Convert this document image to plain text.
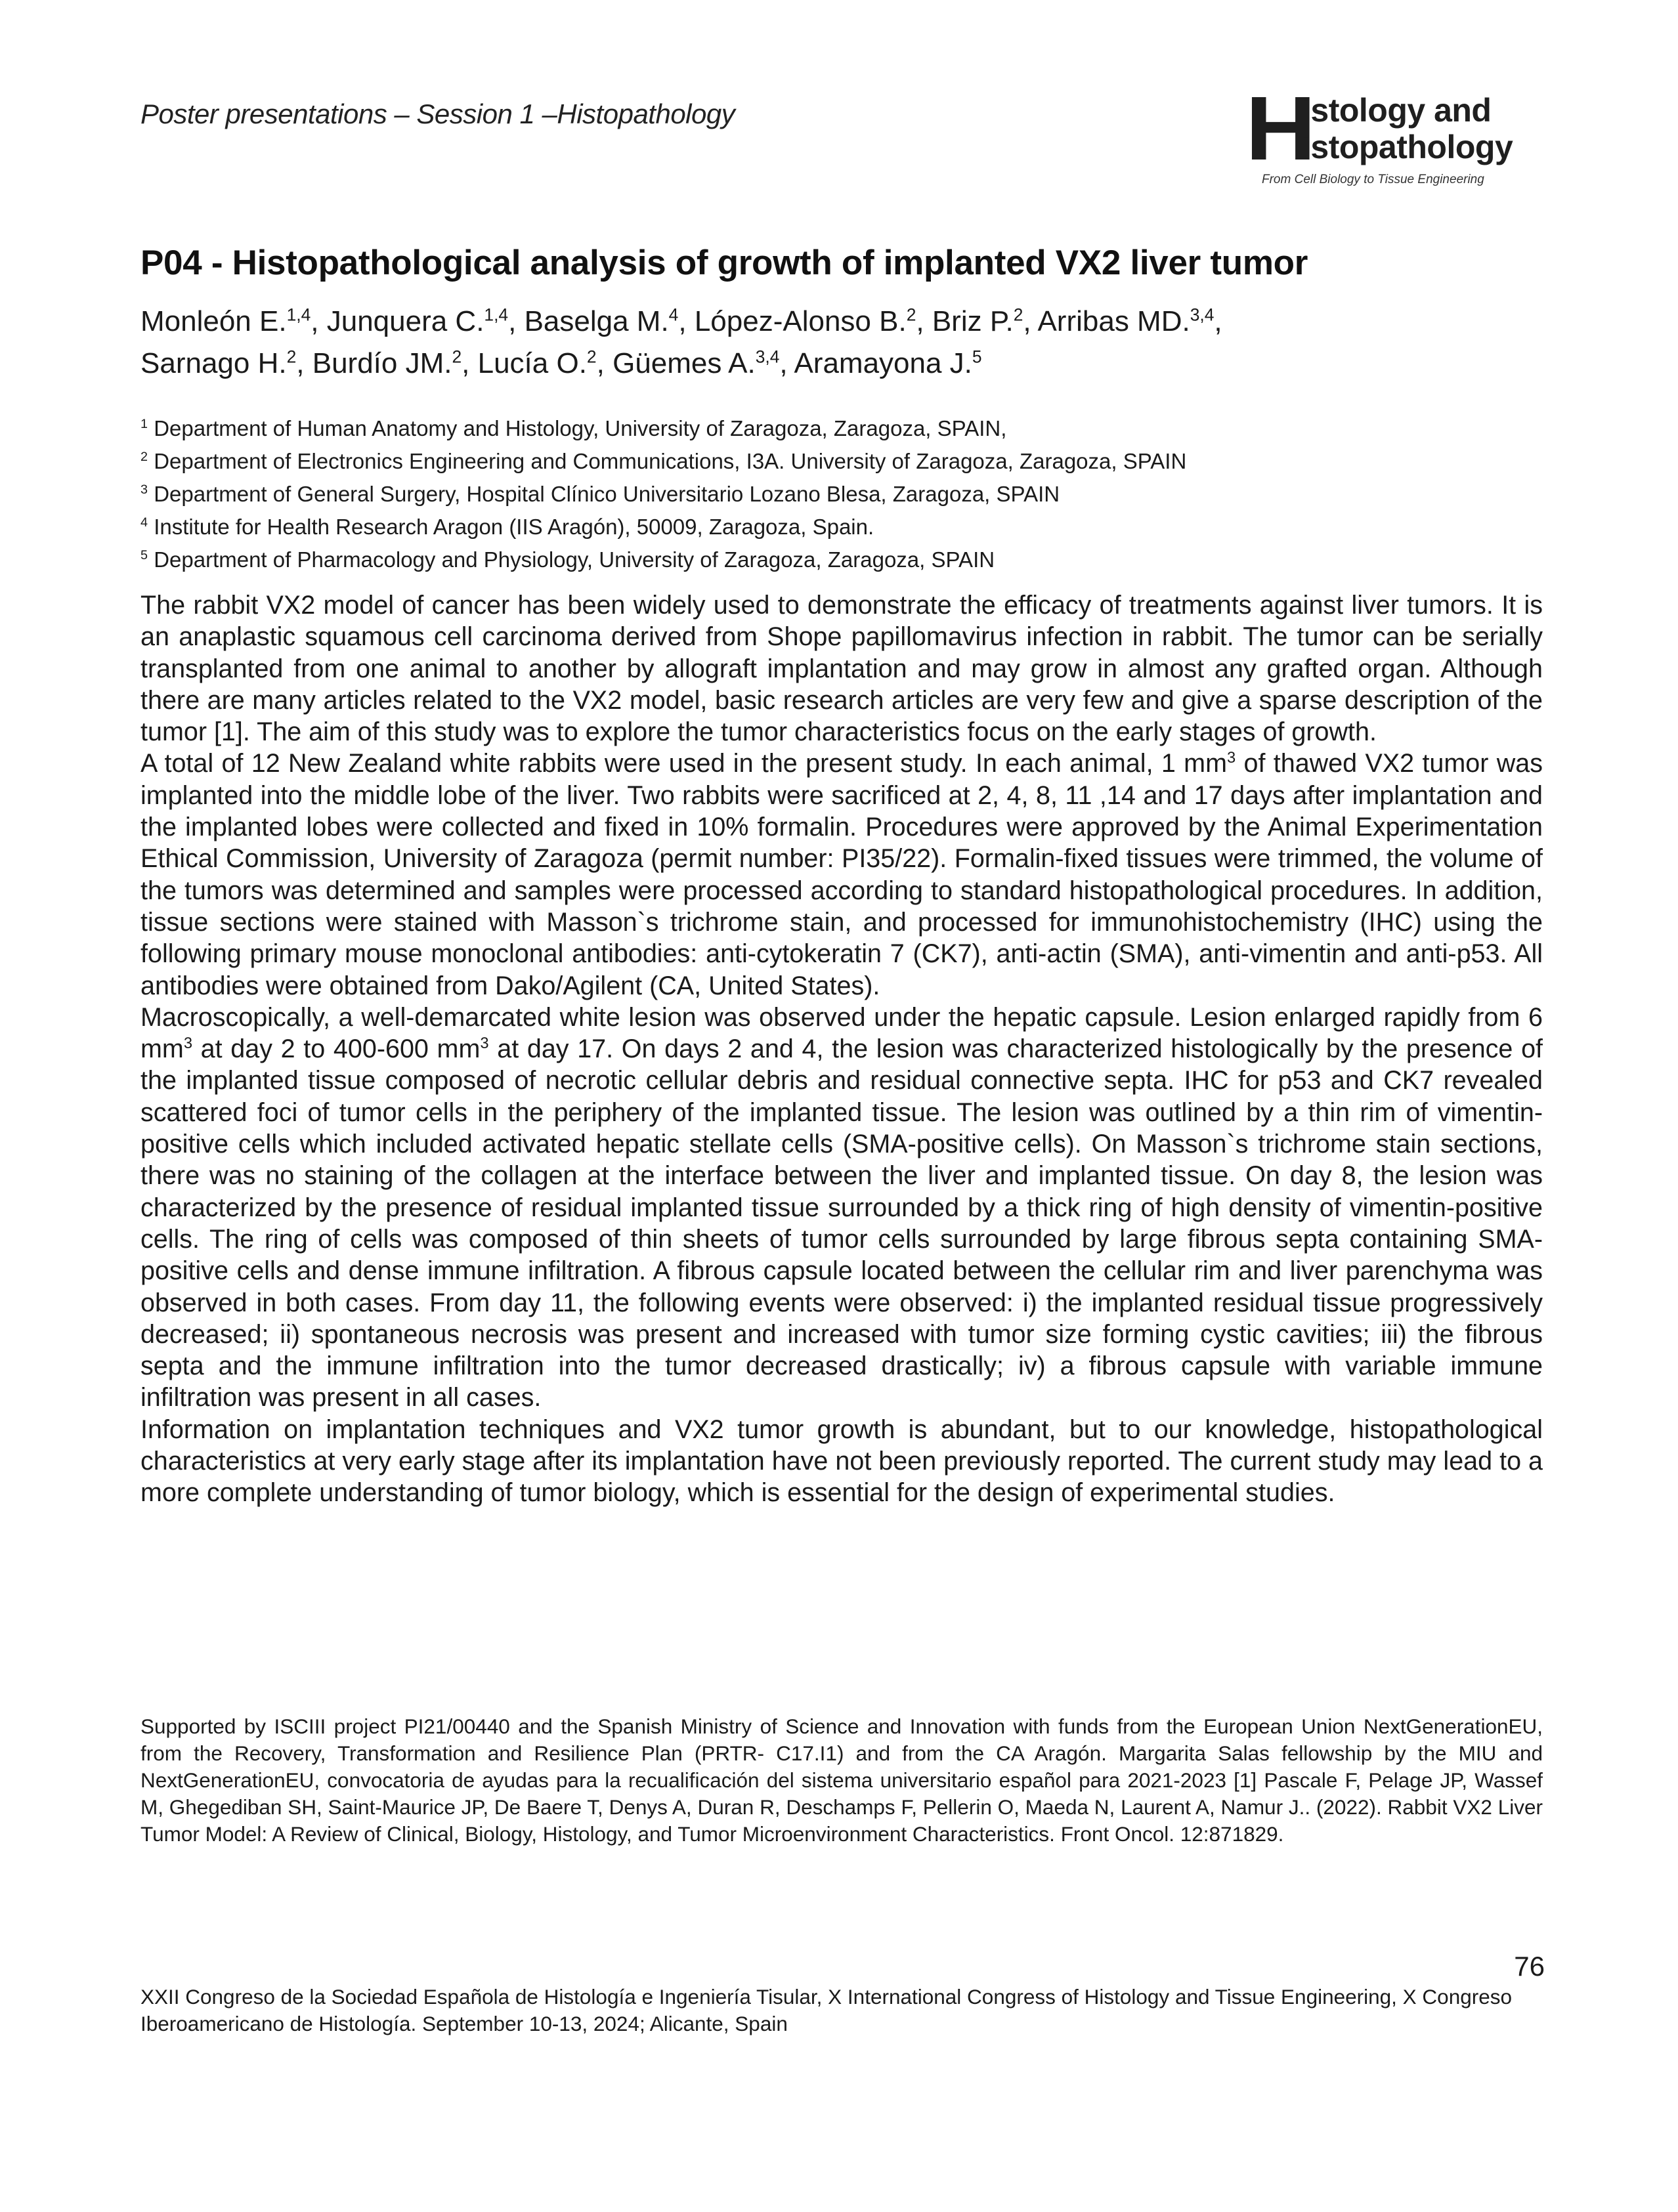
Poster presentations – Session 1 –Histopathology	H
istology and
istopathology
From Cell Biology to Tissue Engineering
P04 - Histopathological analysis of growth of implanted VX2 liver tumor
Monleón E.$^{1,4}$, Junquera C.$^{1,4}$, Baselga M.$^4$, López-Alonso B.$^2$, Briz P.$^2$, Arribas MD.$^{3,4}$,
Sarnago H.$^2$, Burdío JM.$^2$, Lucía O.$^2$, Güemes A.$^{3,4}$, Aramayona J.$^5$
$^1$ Department of Human Anatomy and Histology, University of Zaragoza, Zaragoza, SPAIN,
$^2$ Department of Electronics Engineering and Communications, I3A. University of Zaragoza, Zaragoza, SPAIN
$^3$ Department of General Surgery, Hospital Clínico Universitario Lozano Blesa, Zaragoza, SPAIN
$^4$ Institute for Health Research Aragon (IIS Aragón), 50009, Zaragoza, Spain.
$^5$ Department of Pharmacology and Physiology, University of Zaragoza, Zaragoza, SPAIN

The rabbit VX2 model of cancer has been widely used to demonstrate the efficacy of treatments against liver tumors. It is an anaplastic squamous cell carcinoma derived from Shope papillomavirus infection in rabbit. The tumor can be serially transplanted from one animal to another by allograft implantation and may grow in almost any grafted organ. Although there are many articles related to the VX2 model, basic research articles are very few and give a sparse description of the tumor [1]. The aim of this study was to explore the tumor characteristics focus on the early stages of growth.

A total of 12 New Zealand white rabbits were used in the present study. In each animal, 1 $mm^3$ of thawed VX2 tumor was implanted into the middle lobe of the liver. Two rabbits were sacrificed at 2, 4, 8, 11 ,14 and 17 days after implantation and the implanted lobes were collected and fixed in 10% formalin. Procedures were approved by the Animal Experimentation Ethical Commission, University of Zaragoza (permit number: PI35/22). Formalin-fixed tissues were trimmed, the volume of the tumors was determined and samples were processed according to standard histopathological procedures. In addition, tissue sections were stained with Masson`s trichrome stain, and processed for immunohistochemistry (IHC) using the following primary mouse monoclonal antibodies: anti-cytokeratin 7 (CK7), anti-actin (SMA), anti-vimentin and anti-p53. All antibodies were obtained from Dako/Agilent (CA, United States).

Macroscopically, a well-demarcated white lesion was observed under the hepatic capsule. Lesion enlarged rapidly from 6 $mm^3$ at day 2 to 400-600 $mm^3$ at day 17. On days 2 and 4, the lesion was characterized histologically by the presence of the implanted tissue composed of necrotic cellular debris and residual connective septa. IHC for p53 and CK7 revealed scattered foci of tumor cells in the periphery of the implanted tissue. The lesion was outlined by a thin rim of vimentin-positive cells which included activated hepatic stellate cells (SMA-positive cells). On Masson`s trichrome stain sections, there was no staining of the collagen at the interface between the liver and implanted tissue. On day 8, the lesion was characterized by the presence of residual implanted tissue surrounded by a thick ring of high density of vimentin-positive cells. The ring of cells was composed of thin sheets of tumor cells surrounded by large fibrous septa containing SMA-positive cells and dense immune infiltration. A fibrous capsule located between the cellular rim and liver parenchyma was observed in both cases. From day 11, the following events were observed: i) the implanted residual tissue progressively decreased; ii) spontaneous necrosis was present and increased with tumor size forming cystic cavities; iii) the fibrous septa and the immune infiltration into the tumor decreased drastically; iv) a fibrous capsule with variable immune infiltration was present in all cases.

Information on implantation techniques and VX2 tumor growth is abundant, but to our knowledge, histopathological characteristics at very early stage after its implantation have not been previously reported. The current study may lead to a more complete understanding of tumor biology, which is essential for the design of experimental studies.

Supported by ISCIII project PI21/00440 and the Spanish Ministry of Science and Innovation with funds from the European Union NextGenerationEU, from the Recovery, Transformation and Resilience Plan (PRTR- C17.I1) and from the CA Aragón. Margarita Salas fellowship by the MIU and NextGenerationEU, convocatoria de ayudas para la recualificación del sistema universitario español para 2021-2023 [1] Pascale F, Pelage JP, Wassef M, Ghegediban SH, Saint-Maurice JP, De Baere T, Denys A, Duran R, Deschamps F, Pellerin O, Maeda N, Laurent A, Namur J.. (2022). Rabbit VX2 Liver Tumor Model: A Review of Clinical, Biology, Histology, and Tumor Microenvironment Characteristics. Front Oncol. 12:871829.
76
XXII Congreso de la Sociedad Española de Histología e Ingeniería Tisular, X International Congress of Histology and Tissue Engineering, X Congreso Iberoamericano de Histología. September 10-13, 2024; Alicante, Spain
